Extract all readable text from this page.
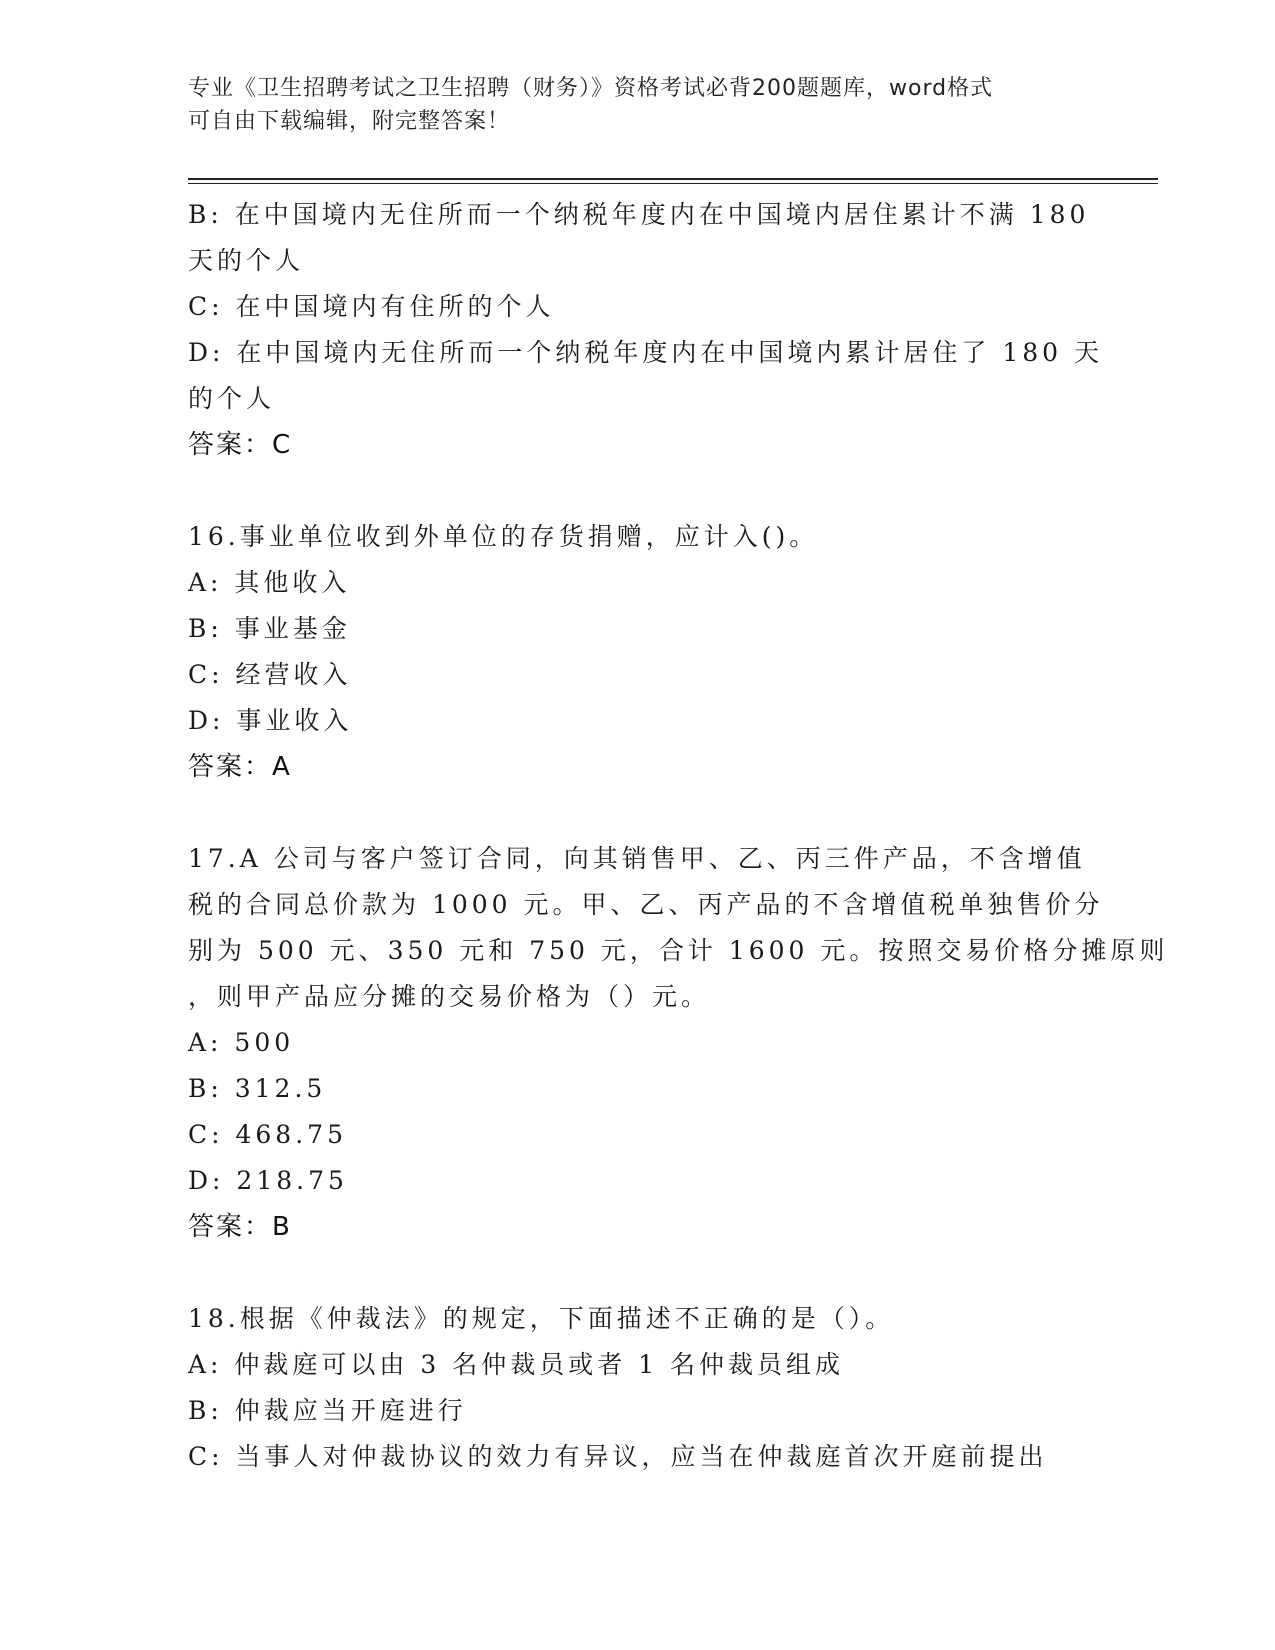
专业《卫生招聘考试之卫生招聘（财务）》资格考试必背200题题库，word格式
可自由下载编辑，附完整答案！
B: 在中国境内无住所而一个纳税年度内在中国境内居住累计不满 180
天的个人
C: 在中国境内有住所的个人
D: 在中国境内无住所而一个纳税年度内在中国境内累计居住了 180 天
的个人
答案：C
16.事业单位收到外单位的存货捐赠，应计入()。
A: 其他收入
B: 事业基金
C: 经营收入
D: 事业收入
答案：A
17.A 公司与客户签订合同，向其销售甲、乙、丙三件产品，不含增值
税的合同总价款为 1000 元。甲、乙、丙产品的不含增值税单独售价分
别为 500 元、350 元和 750 元，合计 1600 元。按照交易价格分摊原则
，则甲产品应分摊的交易价格为（）元。
A: 500
B: 312.5
C: 468.75
D: 218.75
答案：B
18.根据《仲裁法》的规定，下面描述不正确的是（）。
A: 仲裁庭可以由 3 名仲裁员或者 1 名仲裁员组成
B: 仲裁应当开庭进行
C: 当事人对仲裁协议的效力有异议，应当在仲裁庭首次开庭前提出
